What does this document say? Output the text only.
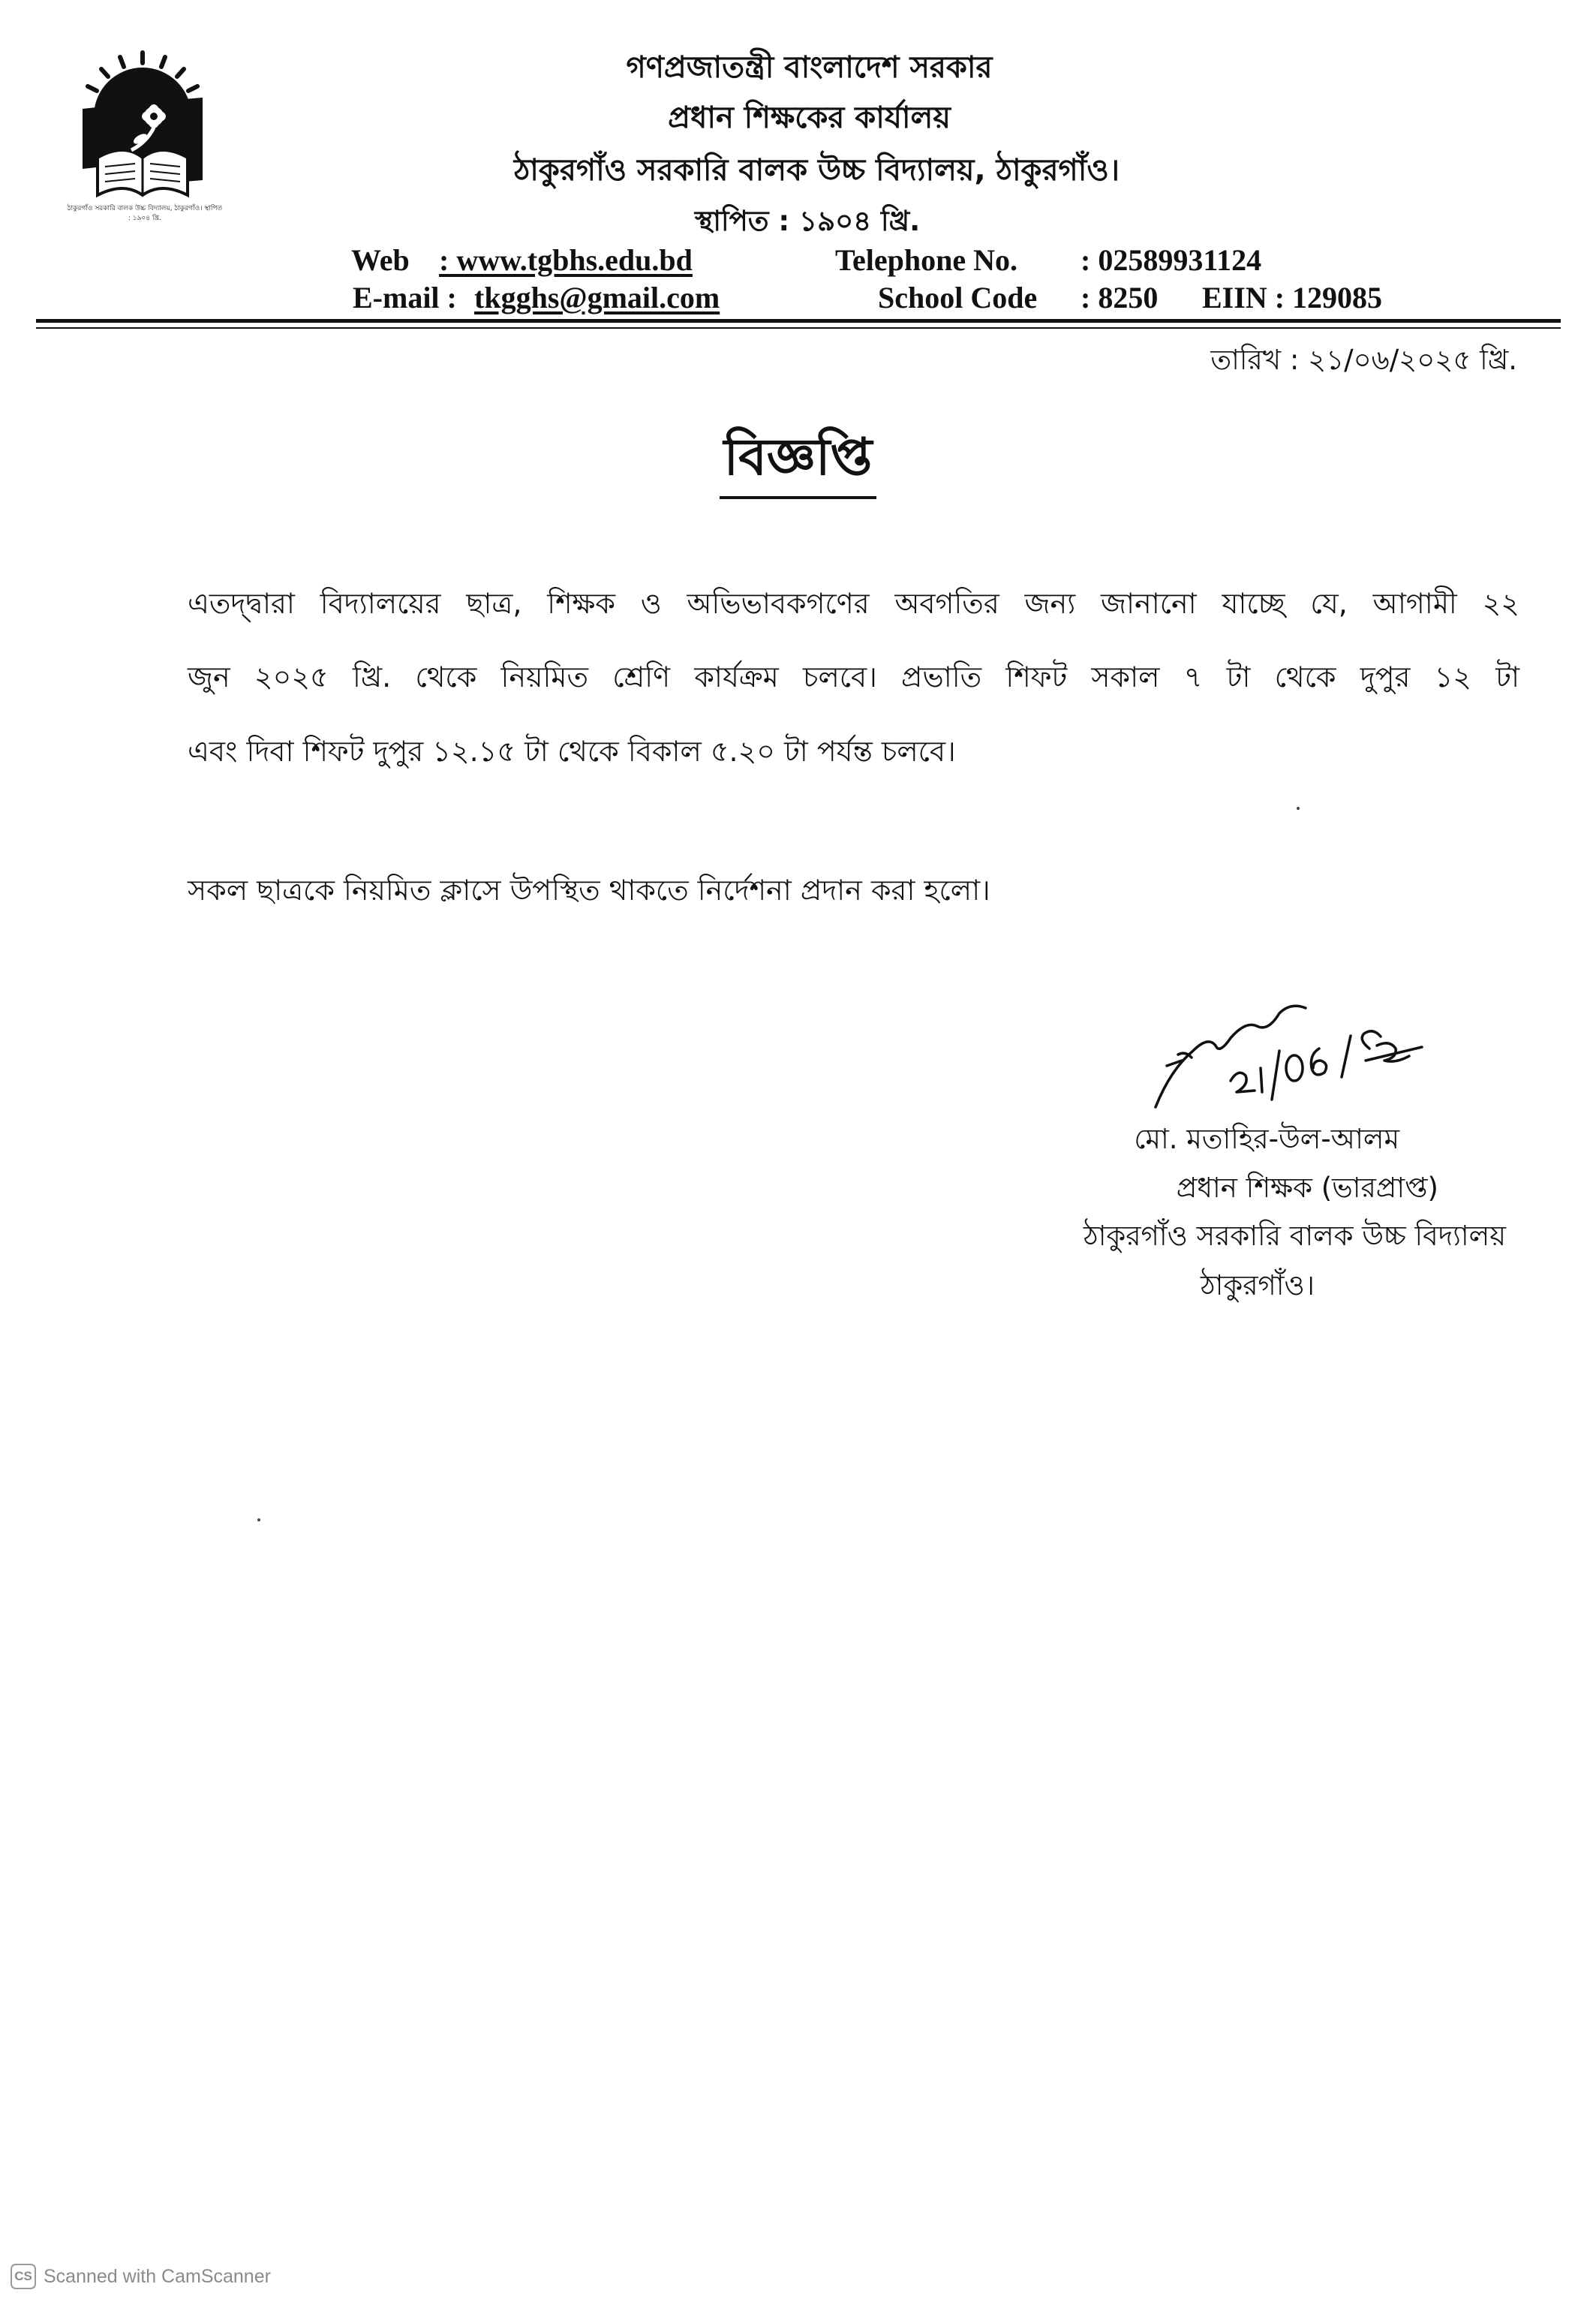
ঠাকুরগাঁও সরকারি বালক উচ্চ বিদ্যালয়, ঠাকুরগাঁও। স্থাপিত : ১৯০৪ খ্রি.
গণপ্রজাতন্ত্রী বাংলাদেশ সরকার
প্রধান শিক্ষকের কার্যালয়
ঠাকুরগাঁও সরকারি বালক উচ্চ বিদ্যালয়, ঠাকুরগাঁও।
স্থাপিত : ১৯০৪ খ্রি.
Web : www.tgbhs.edu.bd
E-mail : tkgghs@gmail.com
Telephone No. : 02589931124
School Code : 8250 EIIN : 129085
তারিখ : ২১/০৬/২০২৫ খ্রি.
বিজ্ঞপ্তি
এতদ্দ্বারা বিদ্যালয়ের ছাত্র, শিক্ষক ও অভিভাবকগণের অবগতির জন্য জানানো যাচ্ছে যে, আগামী ২২
জুন ২০২৫ খ্রি. থেকে নিয়মিত শ্রেণি কার্যক্রম চলবে। প্রভাতি শিফট সকাল ৭ টা থেকে দুপুর ১২ টা
এবং দিবা শিফট দুপুর ১২.১৫ টা থেকে বিকাল ৫.২০ টা পর্যন্ত চলবে।
সকল ছাত্রকে নিয়মিত ক্লাসে উপস্থিত থাকতে নির্দেশনা প্রদান করা হলো।
মো. মতাহির-উল-আলম
প্রধান শিক্ষক (ভারপ্রাপ্ত)
ঠাকুরগাঁও সরকারি বালক উচ্চ বিদ্যালয়
ঠাকুরগাঁও।
CS Scanned with CamScanner
